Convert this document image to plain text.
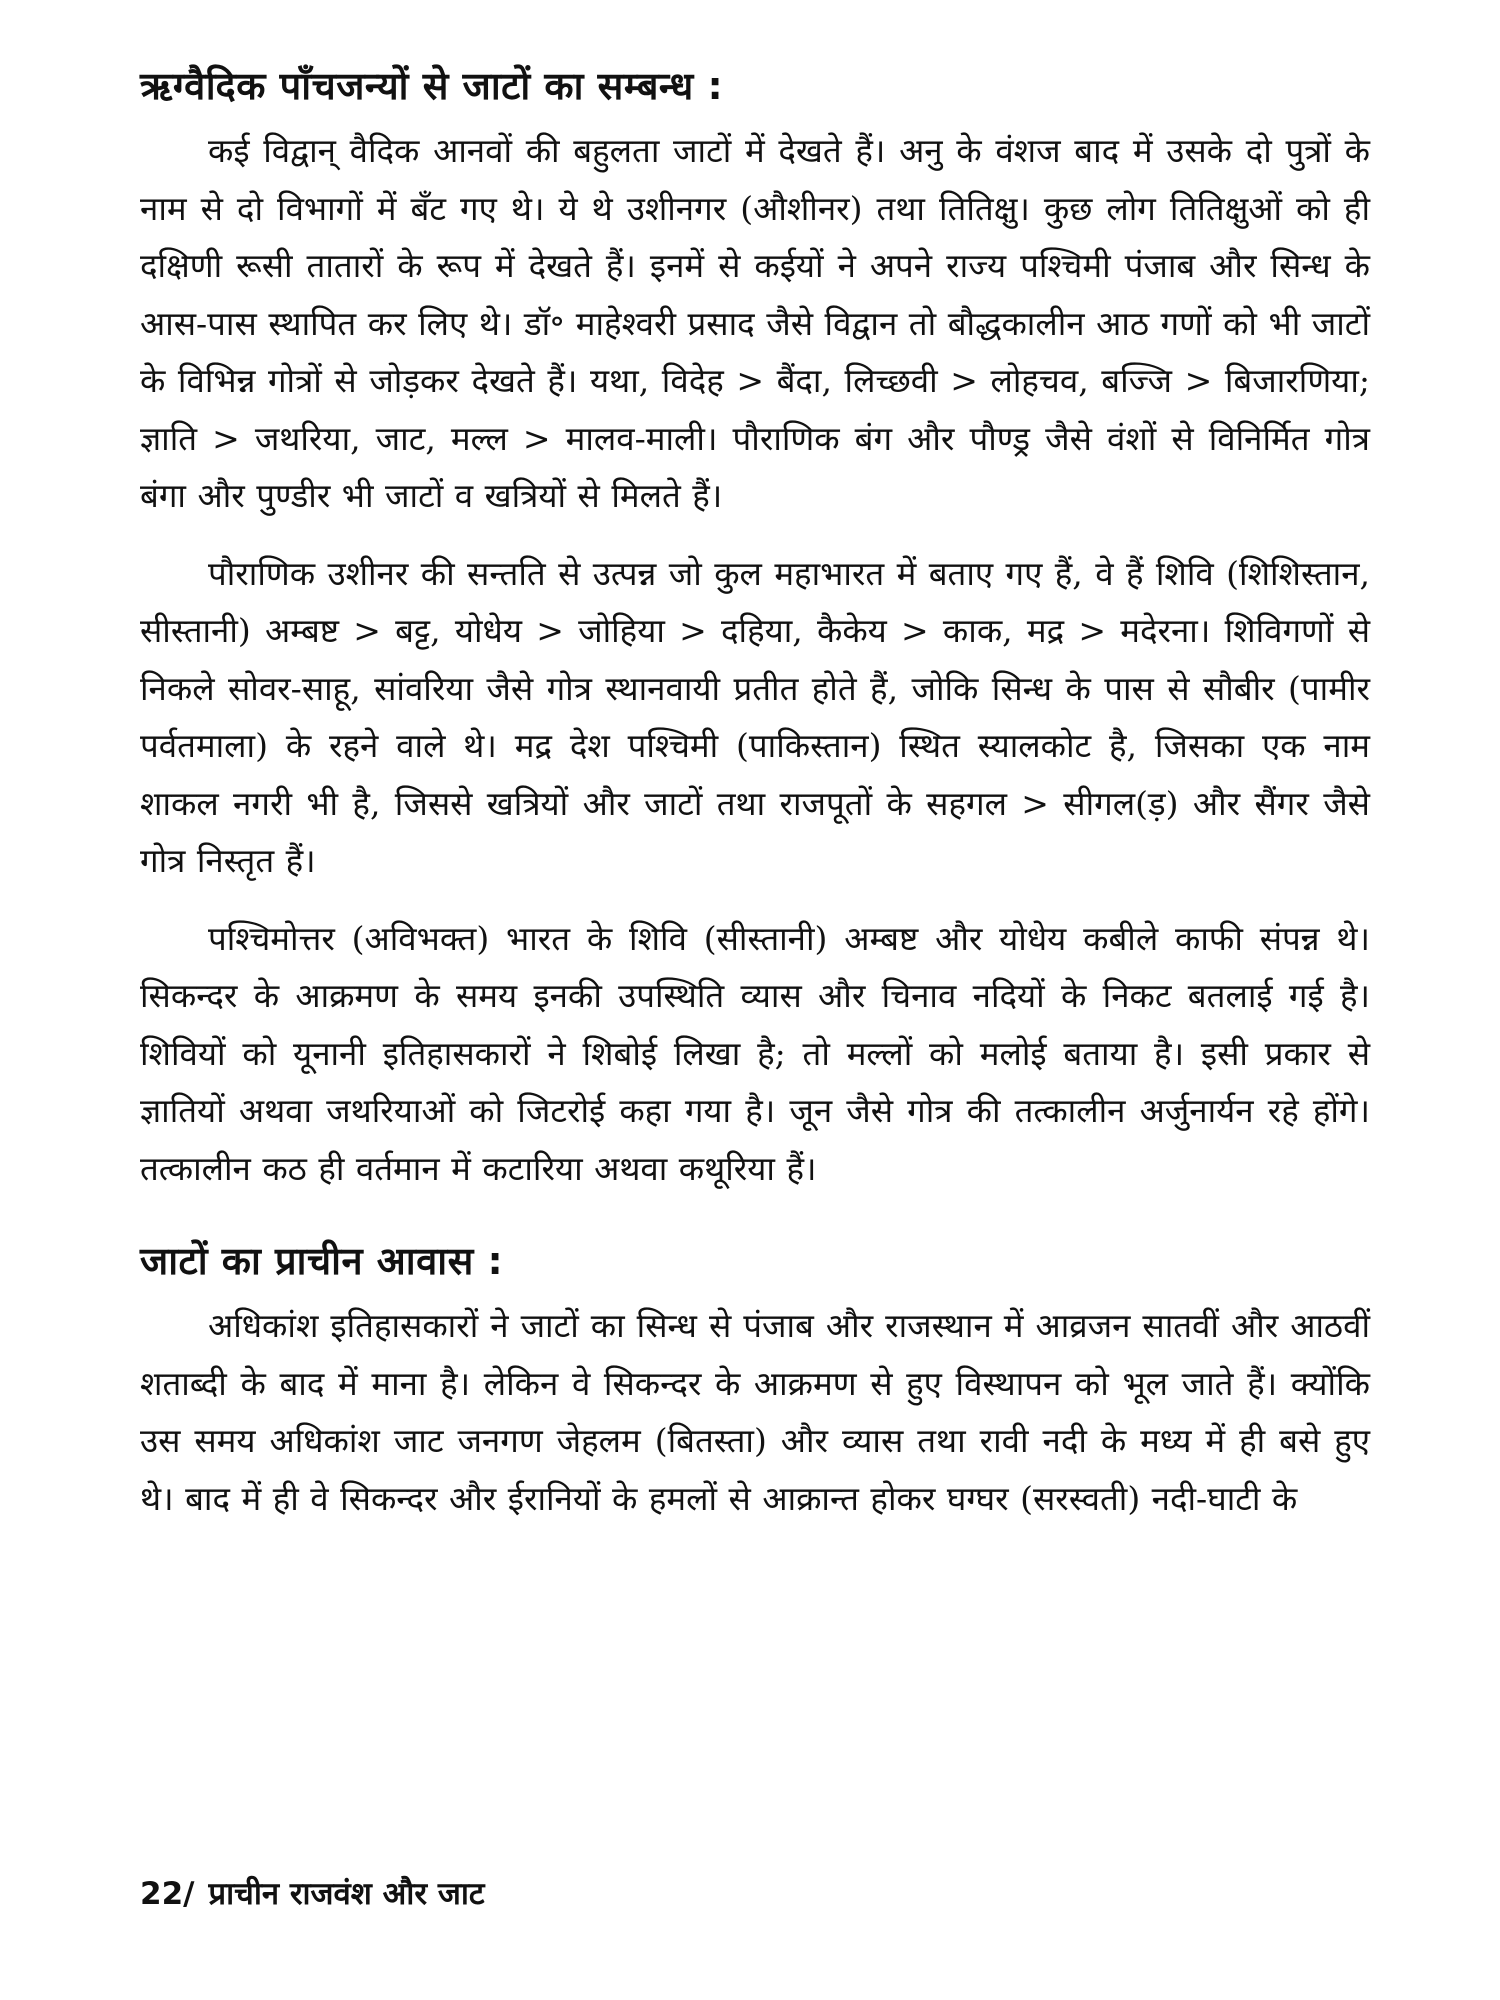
ऋग्वैदिक पाँचजन्यों से जाटों का सम्बन्ध :

कई विद्वान् वैदिक आनवों की बहुलता जाटों में देखते हैं। अनु के वंशज बाद में उसके दो पुत्रों के नाम से दो विभागों में बँट गए थे। ये थे उशीनगर (औशीनर) तथा तितिक्षु। कुछ लोग तितिक्षुओं को ही दक्षिणी रूसी तातारों के रूप में देखते हैं। इनमें से कईयों ने अपने राज्य पश्चिमी पंजाब और सिन्ध के आस-पास स्थापित कर लिए थे। डॉ॰ माहेश्वरी प्रसाद जैसे विद्वान तो बौद्धकालीन आठ गणों को भी जाटों के विभिन्न गोत्रों से जोड़कर देखते हैं। यथा, विदेह > बैंदा, लिच्छवी > लोहचव, बज्जि > बिजारणिया; ज्ञाति > जथरिया, जाट, मल्ल > मालव-माली। पौराणिक बंग और पौण्ड्र जैसे वंशों से विनिर्मित गोत्र बंगा और पुण्डीर भी जाटों व खत्रियों से मिलते हैं।

पौराणिक उशीनर की सन्तति से उत्पन्न जो कुल महाभारत में बताए गए हैं, वे हैं शिवि (शिशिस्तान, सीस्तानी) अम्बष्ट > बट्ट, योधेय > जोहिया > दहिया, कैकेय > काक, मद्र > मदेरना। शिविगणों से निकले सोवर-साहू, सांवरिया जैसे गोत्र स्थानवायी प्रतीत होते हैं, जोकि सिन्ध के पास से सौबीर (पामीर पर्वतमाला) के रहने वाले थे। मद्र देश पश्चिमी (पाकिस्तान) स्थित स्यालकोट है, जिसका एक नाम शाकल नगरी भी है, जिससे खत्रियों और जाटों तथा राजपूतों के सहगल > सीगल(ड़) और सैंगर जैसे गोत्र निस्तृत हैं।

पश्चिमोत्तर (अविभक्त) भारत के शिवि (सीस्तानी) अम्बष्ट और योधेय कबीले काफी संपन्न थे। सिकन्दर के आक्रमण के समय इनकी उपस्थिति व्यास और चिनाव नदियों के निकट बतलाई गई है। शिवियों को यूनानी इतिहासकारों ने शिबोई लिखा है; तो मल्लों को मलोई बताया है। इसी प्रकार से ज्ञातियों अथवा जथरियाओं को जिटरोई कहा गया है। जून जैसे गोत्र की तत्कालीन अर्जुनार्यन रहे होंगे। तत्कालीन कठ ही वर्तमान में कटारिया अथवा कथूरिया हैं।

जाटों का प्राचीन आवास :

अधिकांश इतिहासकारों ने जाटों का सिन्ध से पंजाब और राजस्थान में आव्रजन सातवीं और आठवीं शताब्दी के बाद में माना है। लेकिन वे सिकन्दर के आक्रमण से हुए विस्थापन को भूल जाते हैं। क्योंकि उस समय अधिकांश जाट जनगण जेहलम (बितस्ता) और व्यास तथा रावी नदी के मध्य में ही बसे हुए थे। बाद में ही वे सिकन्दर और ईरानियों के हमलों से आक्रान्त होकर घग्घर (सरस्वती) नदी-घाटी के

22/ प्राचीन राजवंश और जाट
